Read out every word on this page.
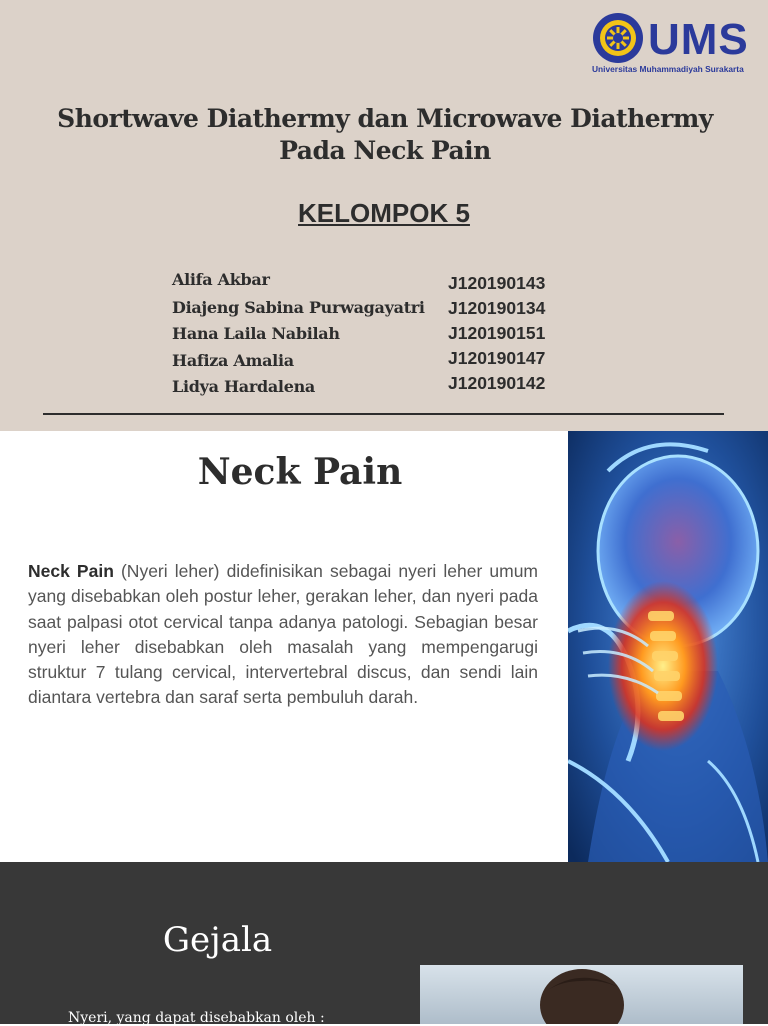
UMS
Universitas Muhammadiyah Surakarta
Shortwave Diathermy dan Microwave Diathermy
Pada Neck Pain
KELOMPOK 5
Alifa Akbar	J120190143
Diajeng Sabina Purwagayatri J120190134
Hana Laila Nabilah	J120190151
Hafiza Amalia	J120190147
Lidya Hardalena	J120190142
Neck Pain
Neck Pain (Nyeri leher) didefinisikan sebagai nyeri leher umum yang disebabkan oleh postur leher, gerakan leher, dan nyeri pada saat palpasi otot cervical tanpa adanya patologi. Sebagian besar nyeri leher disebabkan oleh masalah yang mempengarugi struktur 7 tulang cervical, intervertebral discus, dan sendi lain diantara vertebra dan saraf serta pembuluh darah.
Gejala
Nyeri, yang dapat disebabkan oleh :
